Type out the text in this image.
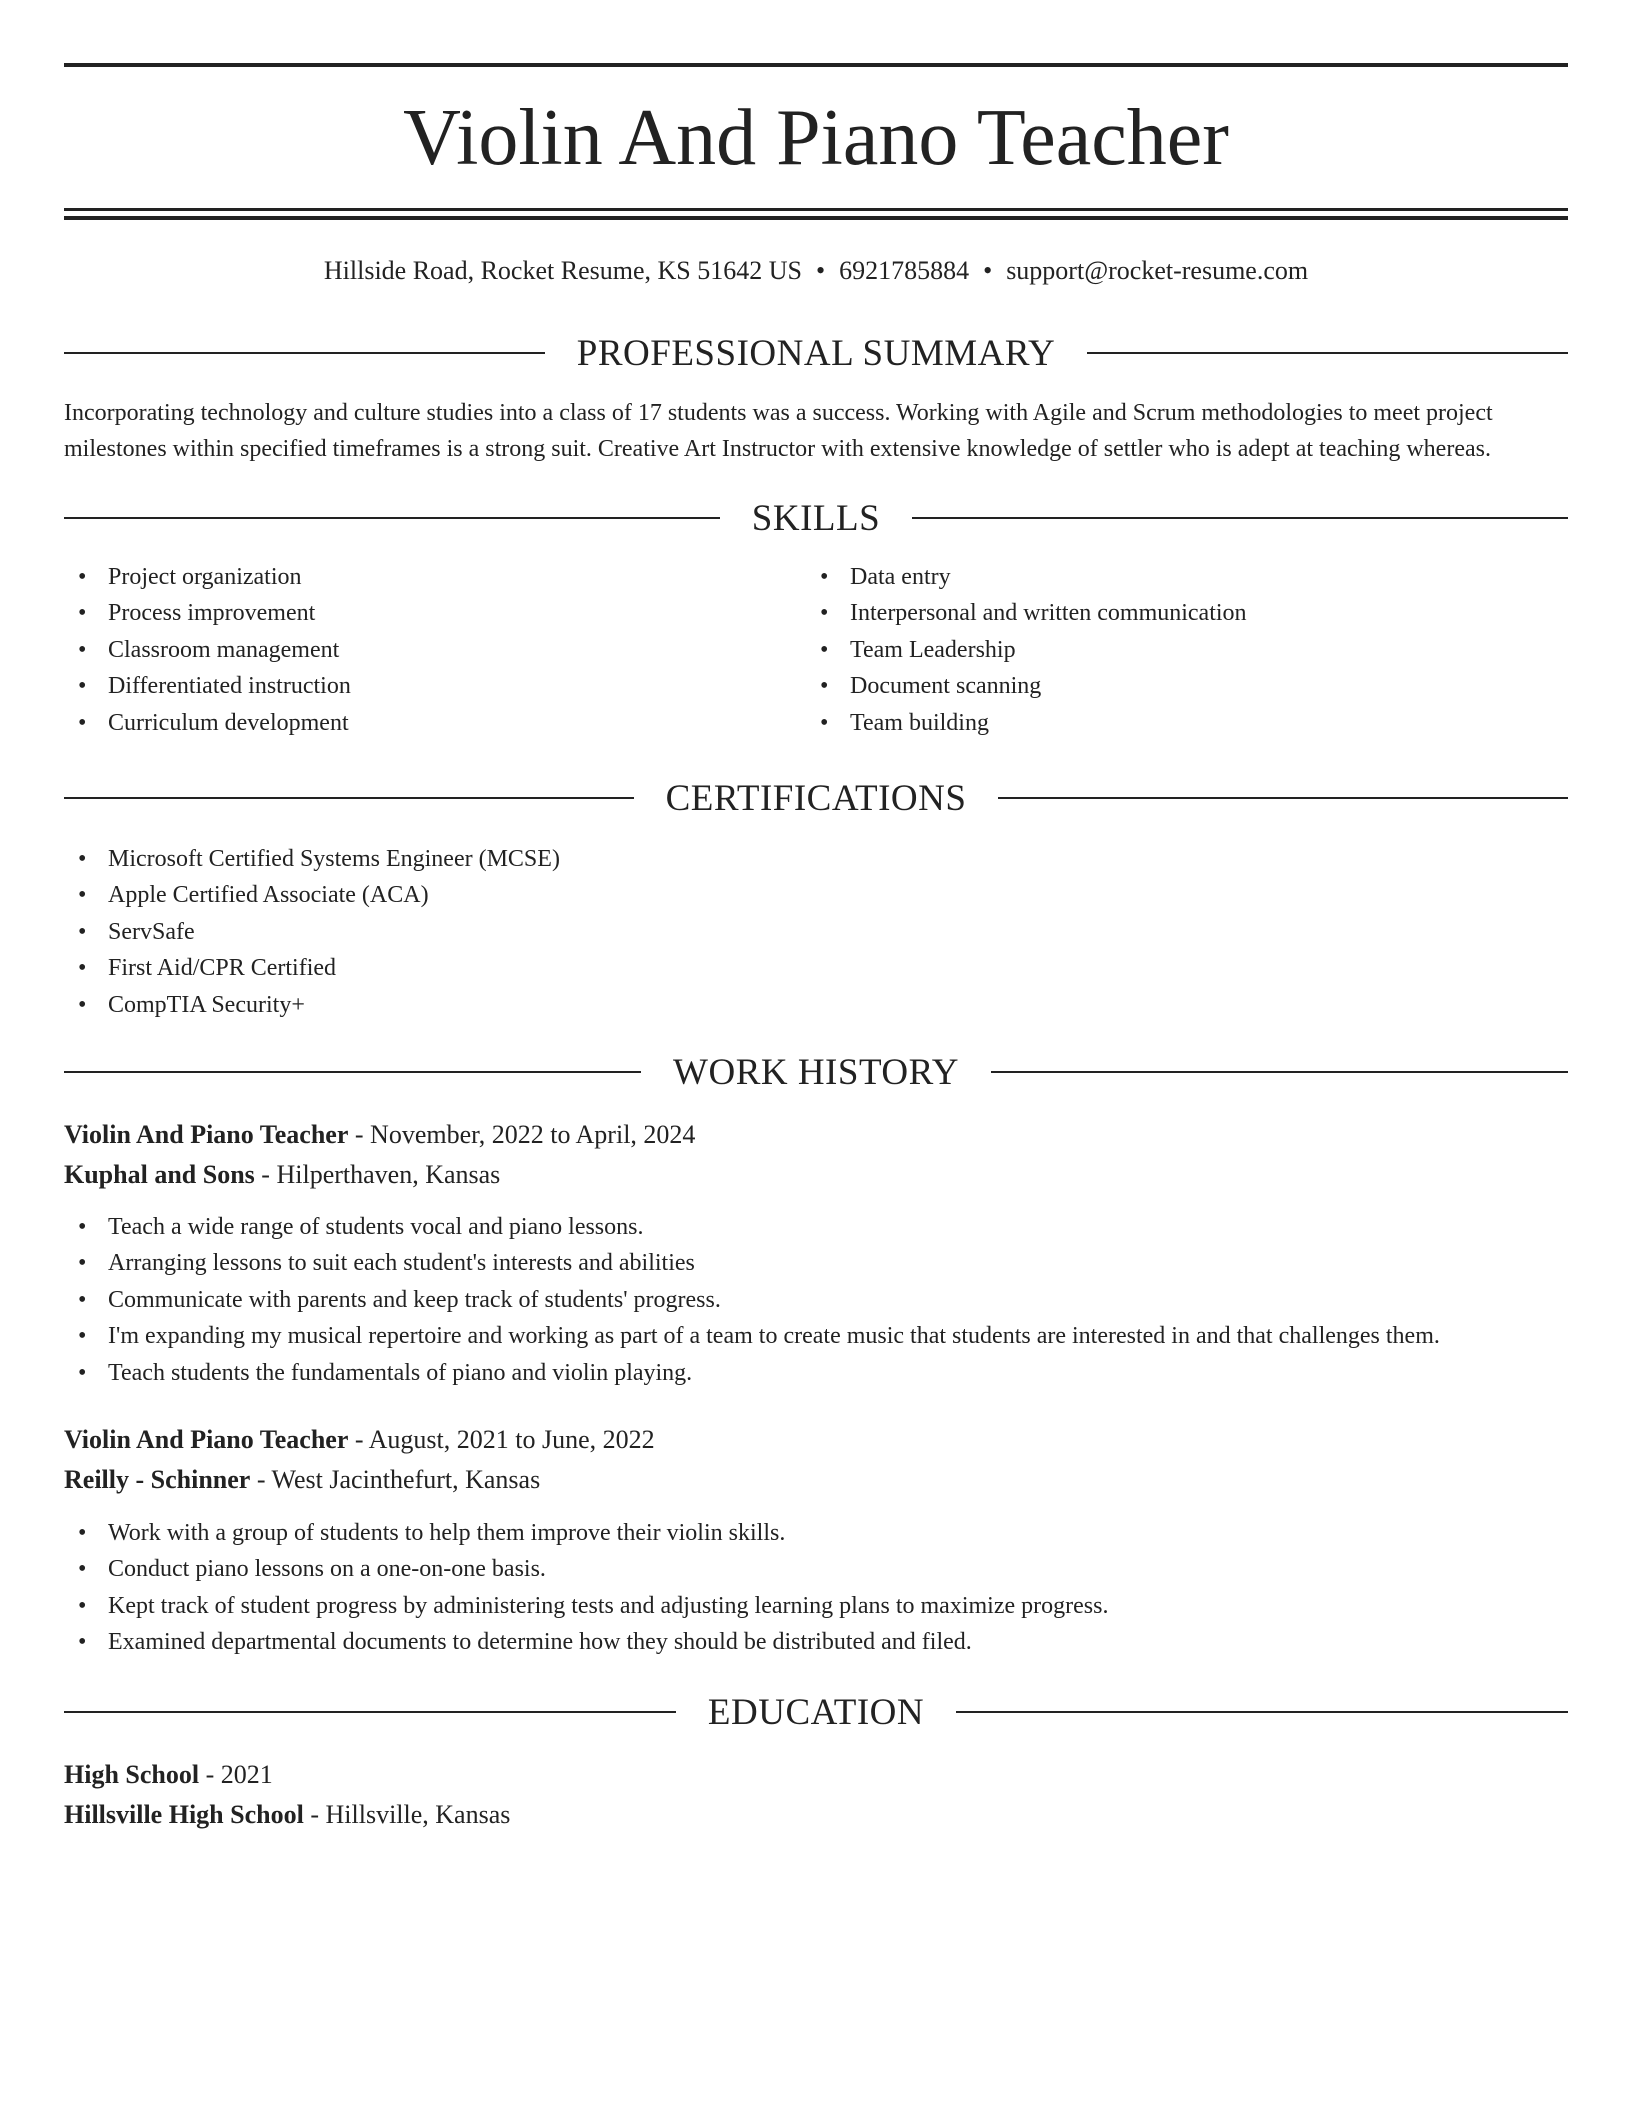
Violin And Piano Teacher
Hillside Road, Rocket Resume, KS 51642 US • 6921785884 • support@rocket-resume.com
PROFESSIONAL SUMMARY

Incorporating technology and culture studies into a class of 17 students was a success. Working with Agile and Scrum methodologies to meet project milestones within specified timeframes is a strong suit. Creative Art Instructor with extensive knowledge of settler who is adept at teaching whereas.

SKILLS
• Project organization
• Process improvement
• Classroom management
• Differentiated instruction
• Curriculum development
• Data entry
• Interpersonal and written communication
• Team Leadership
• Document scanning
• Team building
CERTIFICATIONS
• Microsoft Certified Systems Engineer (MCSE)
• Apple Certified Associate (ACA)
• ServSafe
• First Aid/CPR Certified
• CompTIA Security+
WORK HISTORY
Violin And Piano Teacher - November, 2022 to April, 2024
Kuphal and Sons - Hilperthaven, Kansas
• Teach a wide range of students vocal and piano lessons.
• Arranging lessons to suit each student's interests and abilities
• Communicate with parents and keep track of students' progress.
• I'm expanding my musical repertoire and working as part of a team to create music that students are interested in and that challenges them.
• Teach students the fundamentals of piano and violin playing.
Violin And Piano Teacher - August, 2021 to June, 2022
Reilly - Schinner - West Jacinthefurt, Kansas
• Work with a group of students to help them improve their violin skills.
• Conduct piano lessons on a one-on-one basis.
• Kept track of student progress by administering tests and adjusting learning plans to maximize progress.
• Examined departmental documents to determine how they should be distributed and filed.
EDUCATION
High School - 2021
Hillsville High School - Hillsville, Kansas
